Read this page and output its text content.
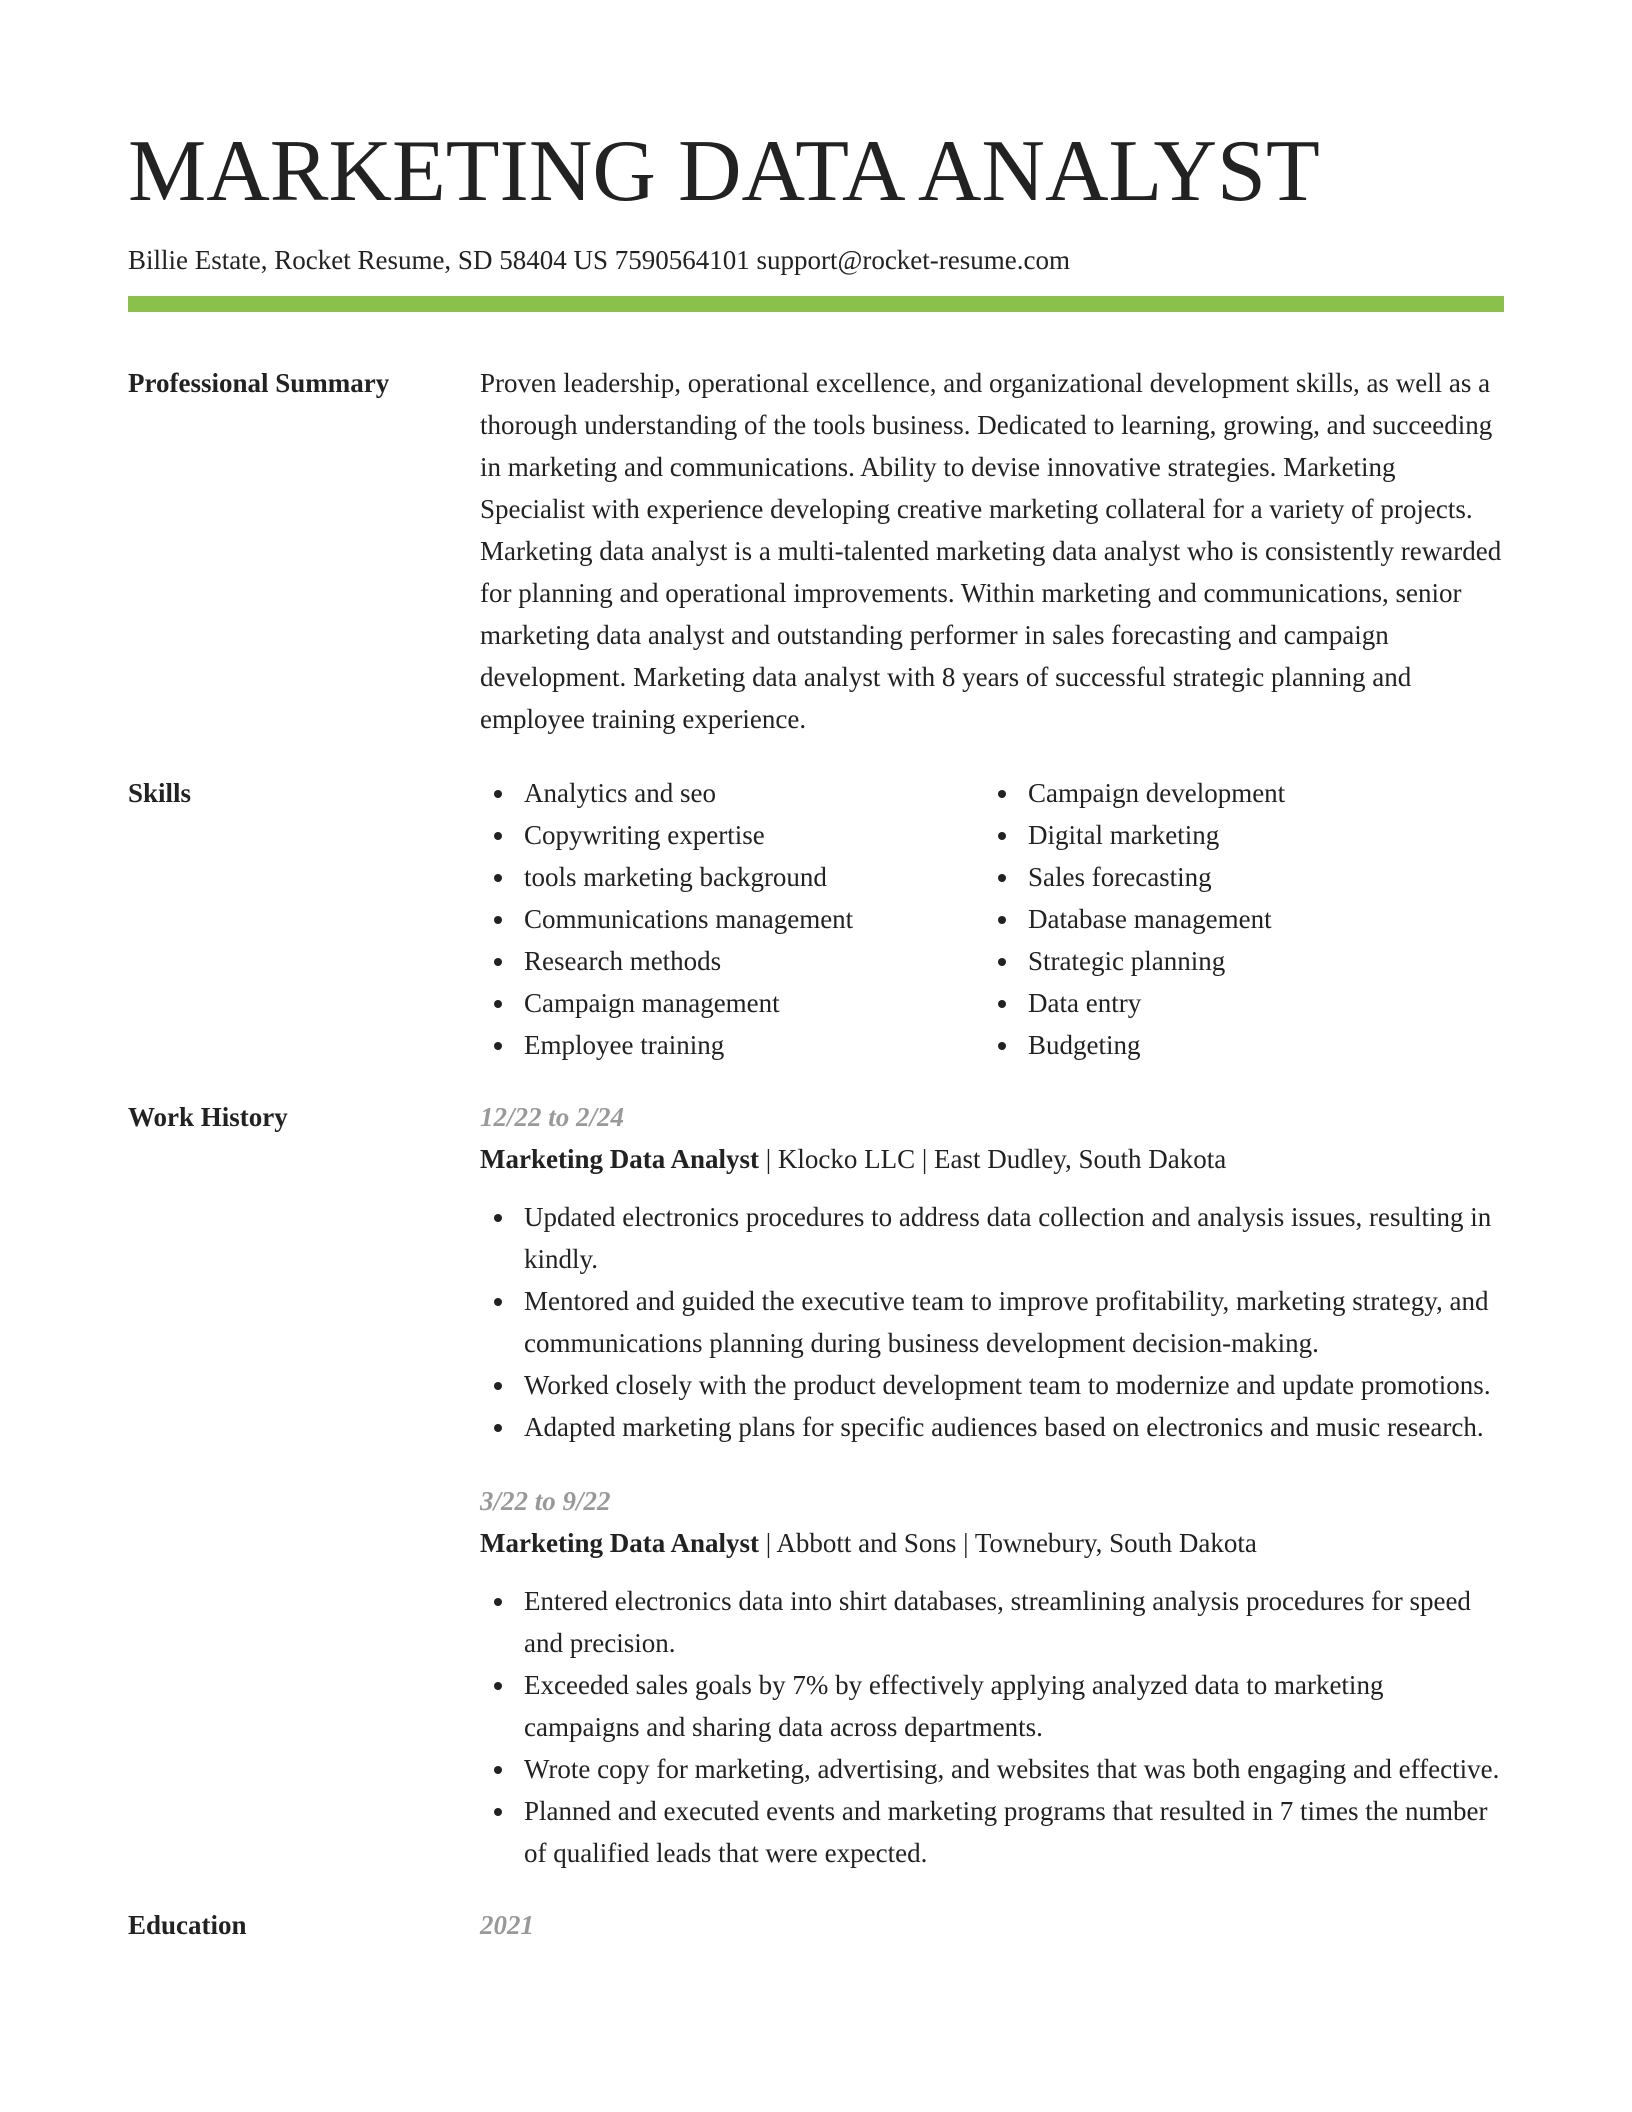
MARKETING DATA ANALYST
Billie Estate, Rocket Resume, SD 58404 US 7590564101 support@rocket-resume.com
Professional Summary	Proven leadership, operational excellence, and organizational development skills, as well as a thorough understanding of the tools business. Dedicated to learning, growing, and succeeding in marketing and communications. Ability to devise innovative strategies. Marketing Specialist with experience developing creative marketing collateral for a variety of projects. Marketing data analyst is a multi-talented marketing data analyst who is consistently rewarded for planning and operational improvements. Within marketing and communications, senior marketing data analyst and outstanding performer in sales forecasting and campaign development. Marketing data analyst with 8 years of successful strategic planning and employee training experience.
Skills	Analytics and seo
Copywriting expertise
tools marketing background
Communications management
Research methods
Campaign management
Employee training
Campaign development
Digital marketing
Sales forecasting
Database management
Strategic planning
Data entry
Budgeting
Work History	12/22 to 2/24
Marketing Data Analyst | Klocko LLC | East Dudley, South Dakota
Updated electronics procedures to address data collection and analysis issues, resulting in kindly.
Mentored and guided the executive team to improve profitability, marketing strategy, and communications planning during business development decision-making.
Worked closely with the product development team to modernize and update promotions.
Adapted marketing plans for specific audiences based on electronics and music research.
3/22 to 9/22
Marketing Data Analyst | Abbott and Sons | Townebury, South Dakota
Entered electronics data into shirt databases, streamlining analysis procedures for speed and precision.
Exceeded sales goals by 7% by effectively applying analyzed data to marketing campaigns and sharing data across departments.
Wrote copy for marketing, advertising, and websites that was both engaging and effective.
Planned and executed events and marketing programs that resulted in 7 times the number of qualified leads that were expected.
Education	2021
